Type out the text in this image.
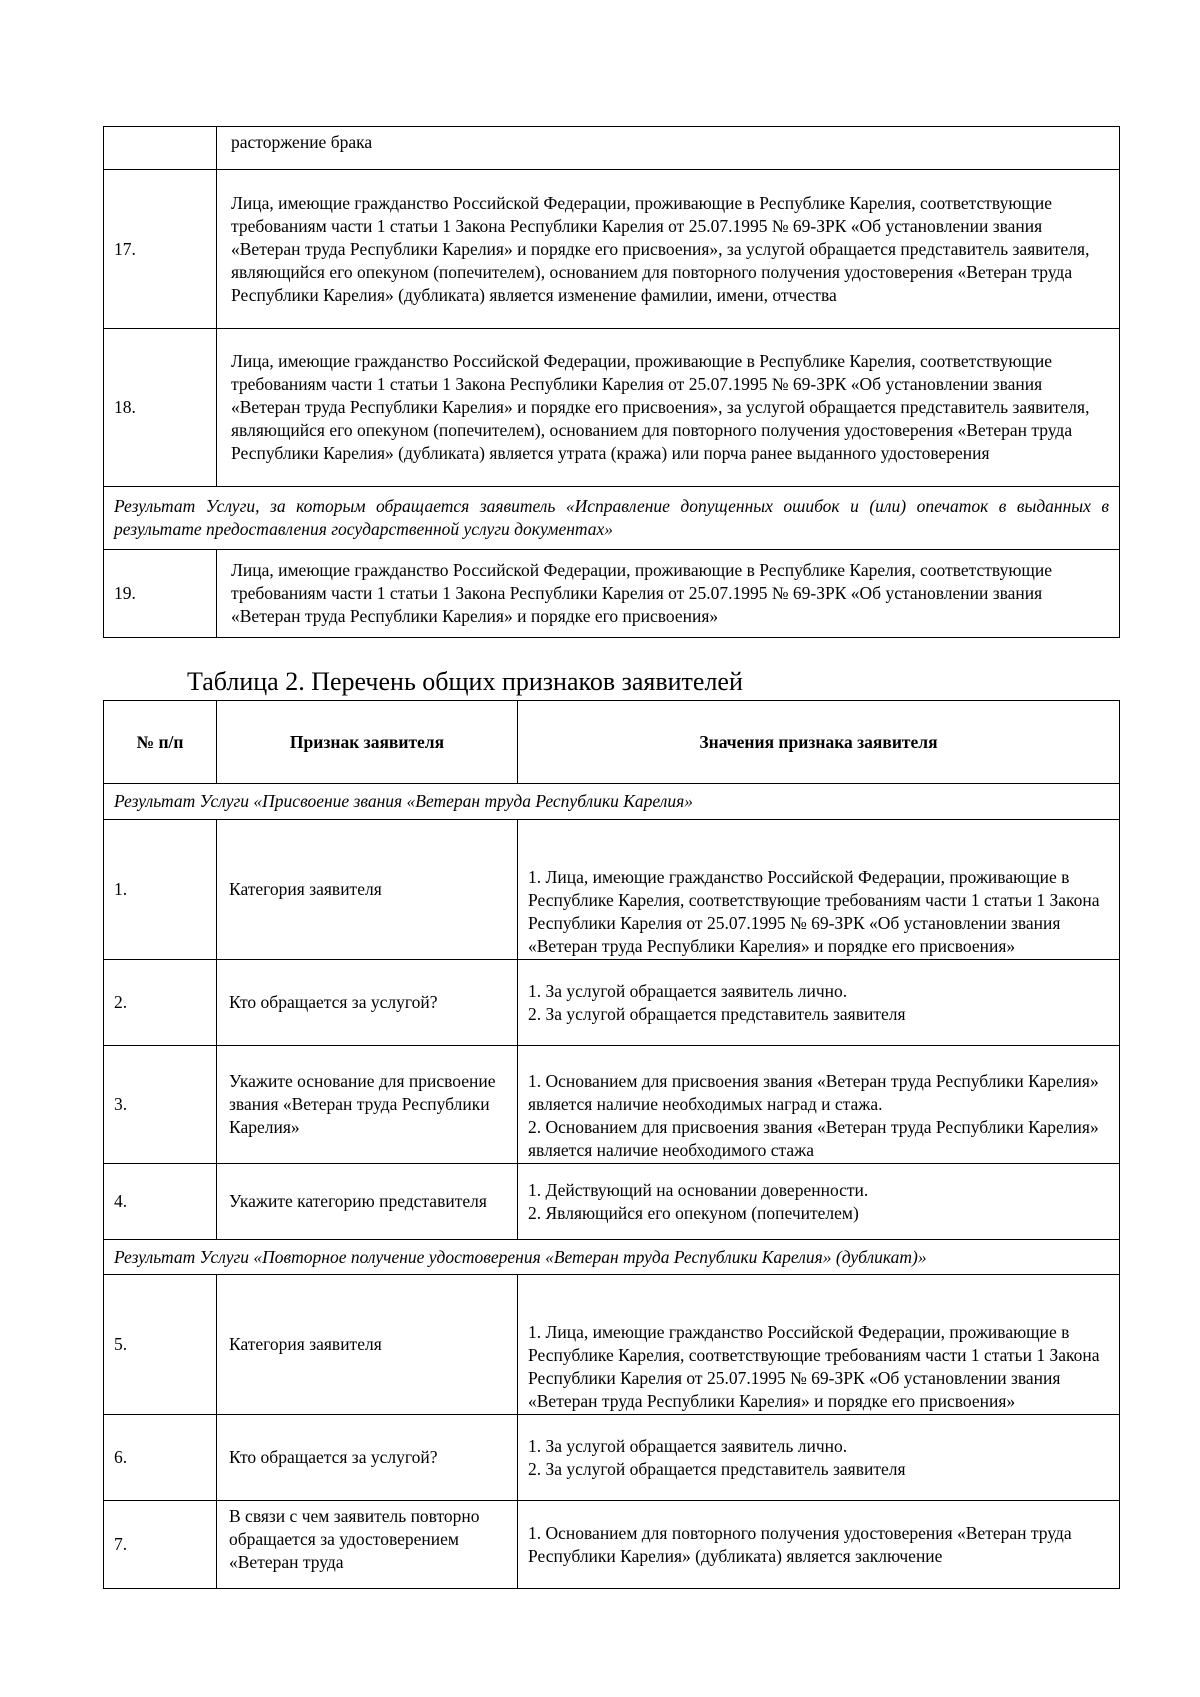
	расторжение брака
17.	Лица, имеющие гражданство Российской Федерации, проживающие в Республике Карелия, соответствующие требованиям части 1 статьи 1 Закона Республики Карелия от 25.07.1995 № 69-ЗРК «Об установлении звания «Ветеран труда Республики Карелия» и порядке его присвоения», за услугой обращается представитель заявителя, являющийся его опекуном (попечителем), основанием для повторного получения удостоверения «Ветеран труда Республики Карелия» (дубликата) является изменение фамилии, имени, отчества
18.	Лица, имеющие гражданство Российской Федерации, проживающие в Республике Карелия, соответствующие требованиям части 1 статьи 1 Закона Республики Карелия от 25.07.1995 № 69-ЗРК «Об установлении звания «Ветеран труда Республики Карелия» и порядке его присвоения», за услугой обращается представитель заявителя, являющийся его опекуном (попечителем), основанием для повторного получения удостоверения «Ветеран труда Республики Карелия» (дубликата) является утрата (кража) или порча ранее выданного удостоверения
Результат Услуги, за которым обращается заявитель «Исправление допущенных ошибок и (или) опечаток в выданных в результате предоставления государственной услуги документах»	
19.	Лица, имеющие гражданство Российской Федерации, проживающие в Республике Карелия, соответствующие требованиям части 1 статьи 1 Закона Республики Карелия от 25.07.1995 № 69-ЗРК «Об установлении звания «Ветеран труда Республики Карелия» и порядке его присвоения»
Таблица 2. Перечень общих признаков заявителей
№ п/п	Признак заявителя	Значения признака заявителя
Результат Услуги «Присвоение звания «Ветеран труда Республики Карелия»		
1.	Категория заявителя	1. Лица, имеющие гражданство Российской Федерации, проживающие в Республике Карелия, соответствующие требованиям части 1 статьи 1 Закона Республики Карелия от 25.07.1995 № 69-ЗРК «Об установлении звания «Ветеран труда Республики Карелия» и порядке его присвоения»
2.	Кто обращается за услугой?	1. За услугой обращается заявитель лично.
2. За услугой обращается представитель заявителя

3.	Укажите основание для присвоение звания «Ветеран труда Республики Карелия»	1. Основанием для присвоения звания «Ветеран труда Республики Карелия» является наличие необходимых наград и стажа.
2. Основанием для присвоения звания «Ветеран труда Республики Карелия» является наличие необходимого стажа

4.	Укажите категорию представителя	1. Действующий на основании доверенности.
2. Являющийся его опекуном (попечителем)

Результат Услуги «Повторное получение удостоверения «Ветеран труда Республики Карелия» (дубликат)»		
5.	Категория заявителя	1. Лица, имеющие гражданство Российской Федерации, проживающие в Республике Карелия, соответствующие требованиям части 1 статьи 1 Закона Республики Карелия от 25.07.1995 № 69-ЗРК «Об установлении звания «Ветеран труда Республики Карелия» и порядке его присвоения»
6.	Кто обращается за услугой?	1. За услугой обращается заявитель лично.
2. За услугой обращается представитель заявителя

7.	В связи с чем заявитель повторно обращается за удостоверением «Ветеран труда	1. Основанием для повторного получения удостоверения «Ветеран труда Республики Карелия» (дубликата) является заключение
